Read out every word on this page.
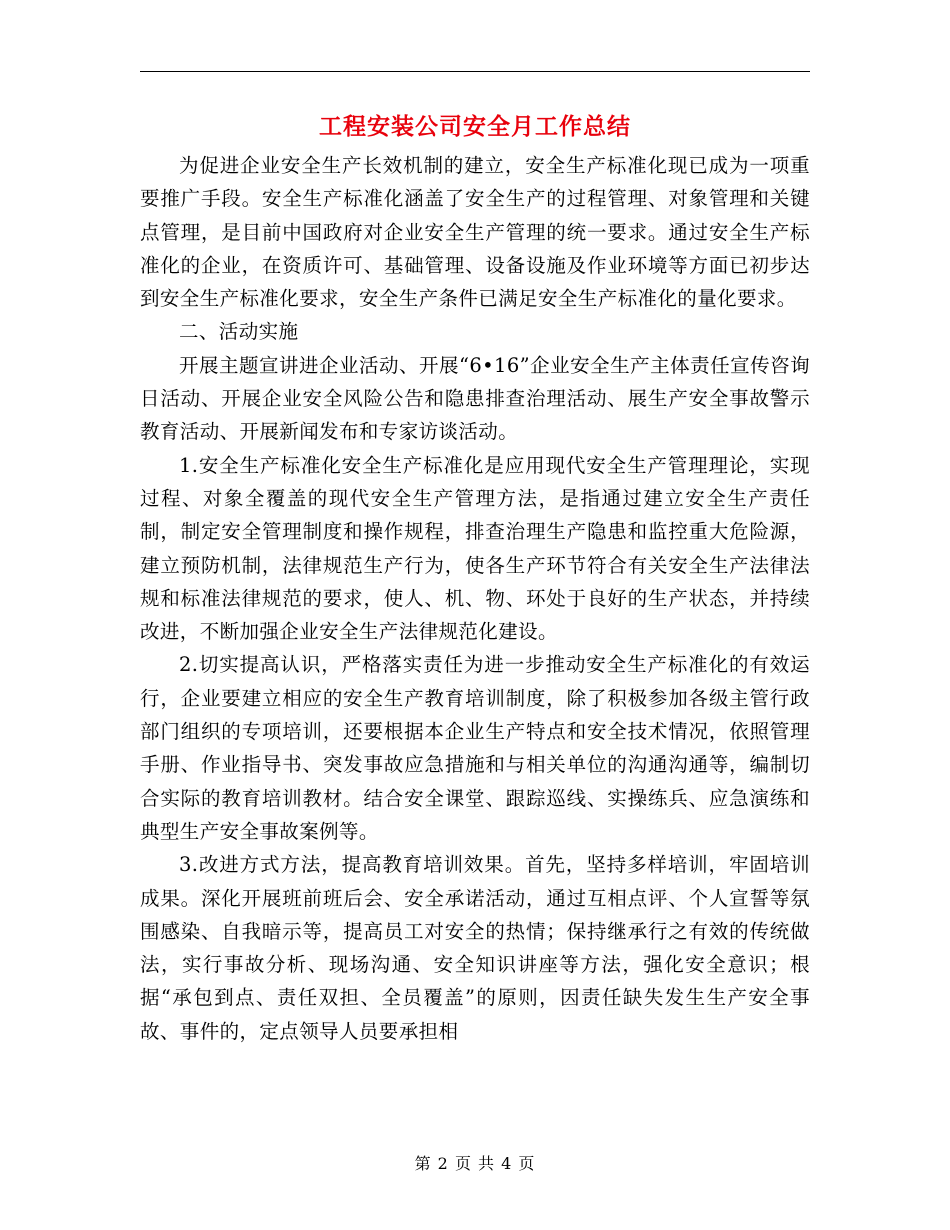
工程安装公司安全月工作总结

为促进企业安全生产长效机制的建立，安全生产标准化现已成为一项重要推广手段。安全生产标准化涵盖了安全生产的过程管理、对象管理和关键点管理，是目前中国政府对企业安全生产管理的统一要求。通过安全生产标准化的企业，在资质许可、基础管理、设备设施及作业环境等方面已初步达到安全生产标准化要求，安全生产条件已满足安全生产标准化的量化要求。

二、活动实施

开展主题宣讲进企业活动、开展“6•16”企业安全生产主体责任宣传咨询日活动、开展企业安全风险公告和隐患排查治理活动、展生产安全事故警示教育活动、开展新闻发布和专家访谈活动。

1.安全生产标准化安全生产标准化是应用现代安全生产管理理论，实现过程、对象全覆盖的现代安全生产管理方法，是指通过建立安全生产责任制，制定安全管理制度和操作规程，排查治理生产隐患和监控重大危险源，建立预防机制，法律规范生产行为，使各生产环节符合有关安全生产法律法规和标准法律规范的要求，使人、机、物、环处于良好的生产状态，并持续改进，不断加强企业安全生产法律规范化建设。

2.切实提高认识，严格落实责任为进一步推动安全生产标准化的有效运行，企业要建立相应的安全生产教育培训制度，除了积极参加各级主管行政部门组织的专项培训，还要根据本企业生产特点和安全技术情况，依照管理手册、作业指导书、突发事故应急措施和与相关单位的沟通沟通等，编制切合实际的教育培训教材。结合安全课堂、跟踪巡线、实操练兵、应急演练和典型生产安全事故案例等。

3.改进方式方法，提高教育培训效果。首先，坚持多样培训，牢固培训成果。深化开展班前班后会、安全承诺活动，通过互相点评、个人宣誓等氛围感染、自我暗示等，提高员工对安全的热情；保持继承行之有效的传统做法，实行事故分析、现场沟通、安全知识讲座等方法，强化安全意识；根据“承包到点、责任双担、全员覆盖”的原则，因责任缺失发生生产安全事故、事件的，定点领导人员要承担相

第 2 页 共 4 页
